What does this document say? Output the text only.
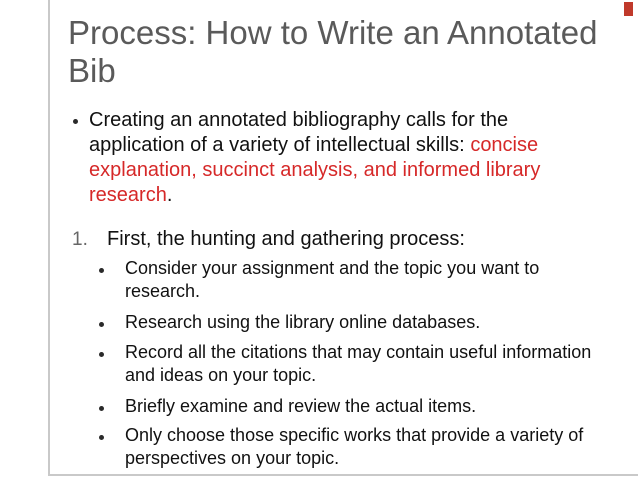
Process: How to Write an Annotated Bib
Creating an annotated bibliography calls for the application of a variety of intellectual skills: concise explanation, succinct analysis, and informed library research.
1. First, the hunting and gathering process:
Consider your assignment and the topic you want to research.
Research using the library online databases.
Record all the citations that may contain useful information and ideas on your topic.
Briefly examine and review the actual items.
Only choose those specific works that provide a variety of perspectives on your topic.
